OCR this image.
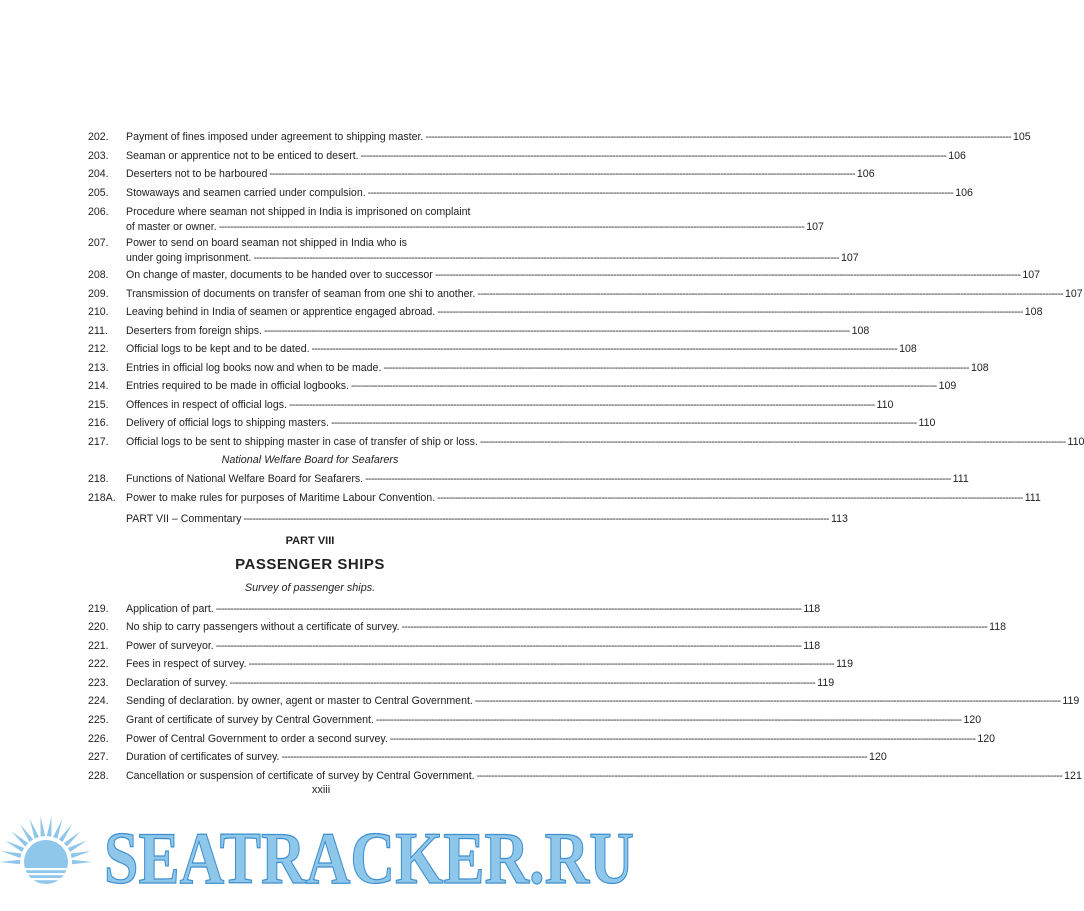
202. Payment of fines imposed under agreement to shipping master. -------------------------------------------------------------------------------------------------------------------------------------------------------------------------------------------------------- 105
203. Seaman or apprentice not to be enticed to desert. -------------------------------------------------------------------------------------------------------------------------------------------------------------------------------------------------------- 106
204. Deserters not to be harboured -------------------------------------------------------------------------------------------------------------------------------------------------------------------------------------------------------- 106
205. Stowaways and seamen carried under compulsion. -------------------------------------------------------------------------------------------------------------------------------------------------------------------------------------------------------- 106
206. Procedure where seaman not shipped in India is imprisoned on complaint
of master or owner. -------------------------------------------------------------------------------------------------------------------------------------------------------------------------------------------------------- 107
207. Power to send on board seaman not shipped in India who is
under going imprisonment. -------------------------------------------------------------------------------------------------------------------------------------------------------------------------------------------------------- 107
208. On change of master, documents to be handed over to successor -------------------------------------------------------------------------------------------------------------------------------------------------------------------------------------------------------- 107
209. Transmission of documents on transfer of seaman from one shi to another. -------------------------------------------------------------------------------------------------------------------------------------------------------------------------------------------------------- 107
210. Leaving behind in India of seamen or apprentice engaged abroad. -------------------------------------------------------------------------------------------------------------------------------------------------------------------------------------------------------- 108
211. Deserters from foreign ships. -------------------------------------------------------------------------------------------------------------------------------------------------------------------------------------------------------- 108
212. Official logs to be kept and to be dated. -------------------------------------------------------------------------------------------------------------------------------------------------------------------------------------------------------- 108
213. Entries in official log books now and when to be made. -------------------------------------------------------------------------------------------------------------------------------------------------------------------------------------------------------- 108
214. Entries required to be made in official logbooks. -------------------------------------------------------------------------------------------------------------------------------------------------------------------------------------------------------- 109
215. Offences in respect of official logs. -------------------------------------------------------------------------------------------------------------------------------------------------------------------------------------------------------- 110
216. Delivery of official logs to shipping masters. -------------------------------------------------------------------------------------------------------------------------------------------------------------------------------------------------------- 110
217. Official logs to be sent to shipping master in case of transfer of ship or loss. -------------------------------------------------------------------------------------------------------------------------------------------------------------------------------------------------------- 110
218. Functions of National Welfare Board for Seafarers. -------------------------------------------------------------------------------------------------------------------------------------------------------------------------------------------------------- 111
218A. Power to make rules for purposes of Maritime Labour Convention. -------------------------------------------------------------------------------------------------------------------------------------------------------------------------------------------------------- 111
PART VII – Commentary -------------------------------------------------------------------------------------------------------------------------------------------------------------------------------------------------------- 113
219. Application of part. -------------------------------------------------------------------------------------------------------------------------------------------------------------------------------------------------------- 118
220. No ship to carry passengers without a certificate of survey. -------------------------------------------------------------------------------------------------------------------------------------------------------------------------------------------------------- 118
221. Power of surveyor. -------------------------------------------------------------------------------------------------------------------------------------------------------------------------------------------------------- 118
222. Fees in respect of survey. -------------------------------------------------------------------------------------------------------------------------------------------------------------------------------------------------------- 119
223. Declaration of survey. -------------------------------------------------------------------------------------------------------------------------------------------------------------------------------------------------------- 119
224. Sending of declaration. by owner, agent or master to Central Government. -------------------------------------------------------------------------------------------------------------------------------------------------------------------------------------------------------- 119
225. Grant of certificate of survey by Central Government. -------------------------------------------------------------------------------------------------------------------------------------------------------------------------------------------------------- 120
226. Power of Central Government to order a second survey. -------------------------------------------------------------------------------------------------------------------------------------------------------------------------------------------------------- 120
227. Duration of certificates of survey. -------------------------------------------------------------------------------------------------------------------------------------------------------------------------------------------------------- 120
228. Cancellation or suspension of certificate of survey by Central Government. -------------------------------------------------------------------------------------------------------------------------------------------------------------------------------------------------------- 121
National Welfare Board for Seafarers
PART VIII
PASSENGER SHIPS
Survey of passenger ships.
xxiii
SEATRACKER.RU
